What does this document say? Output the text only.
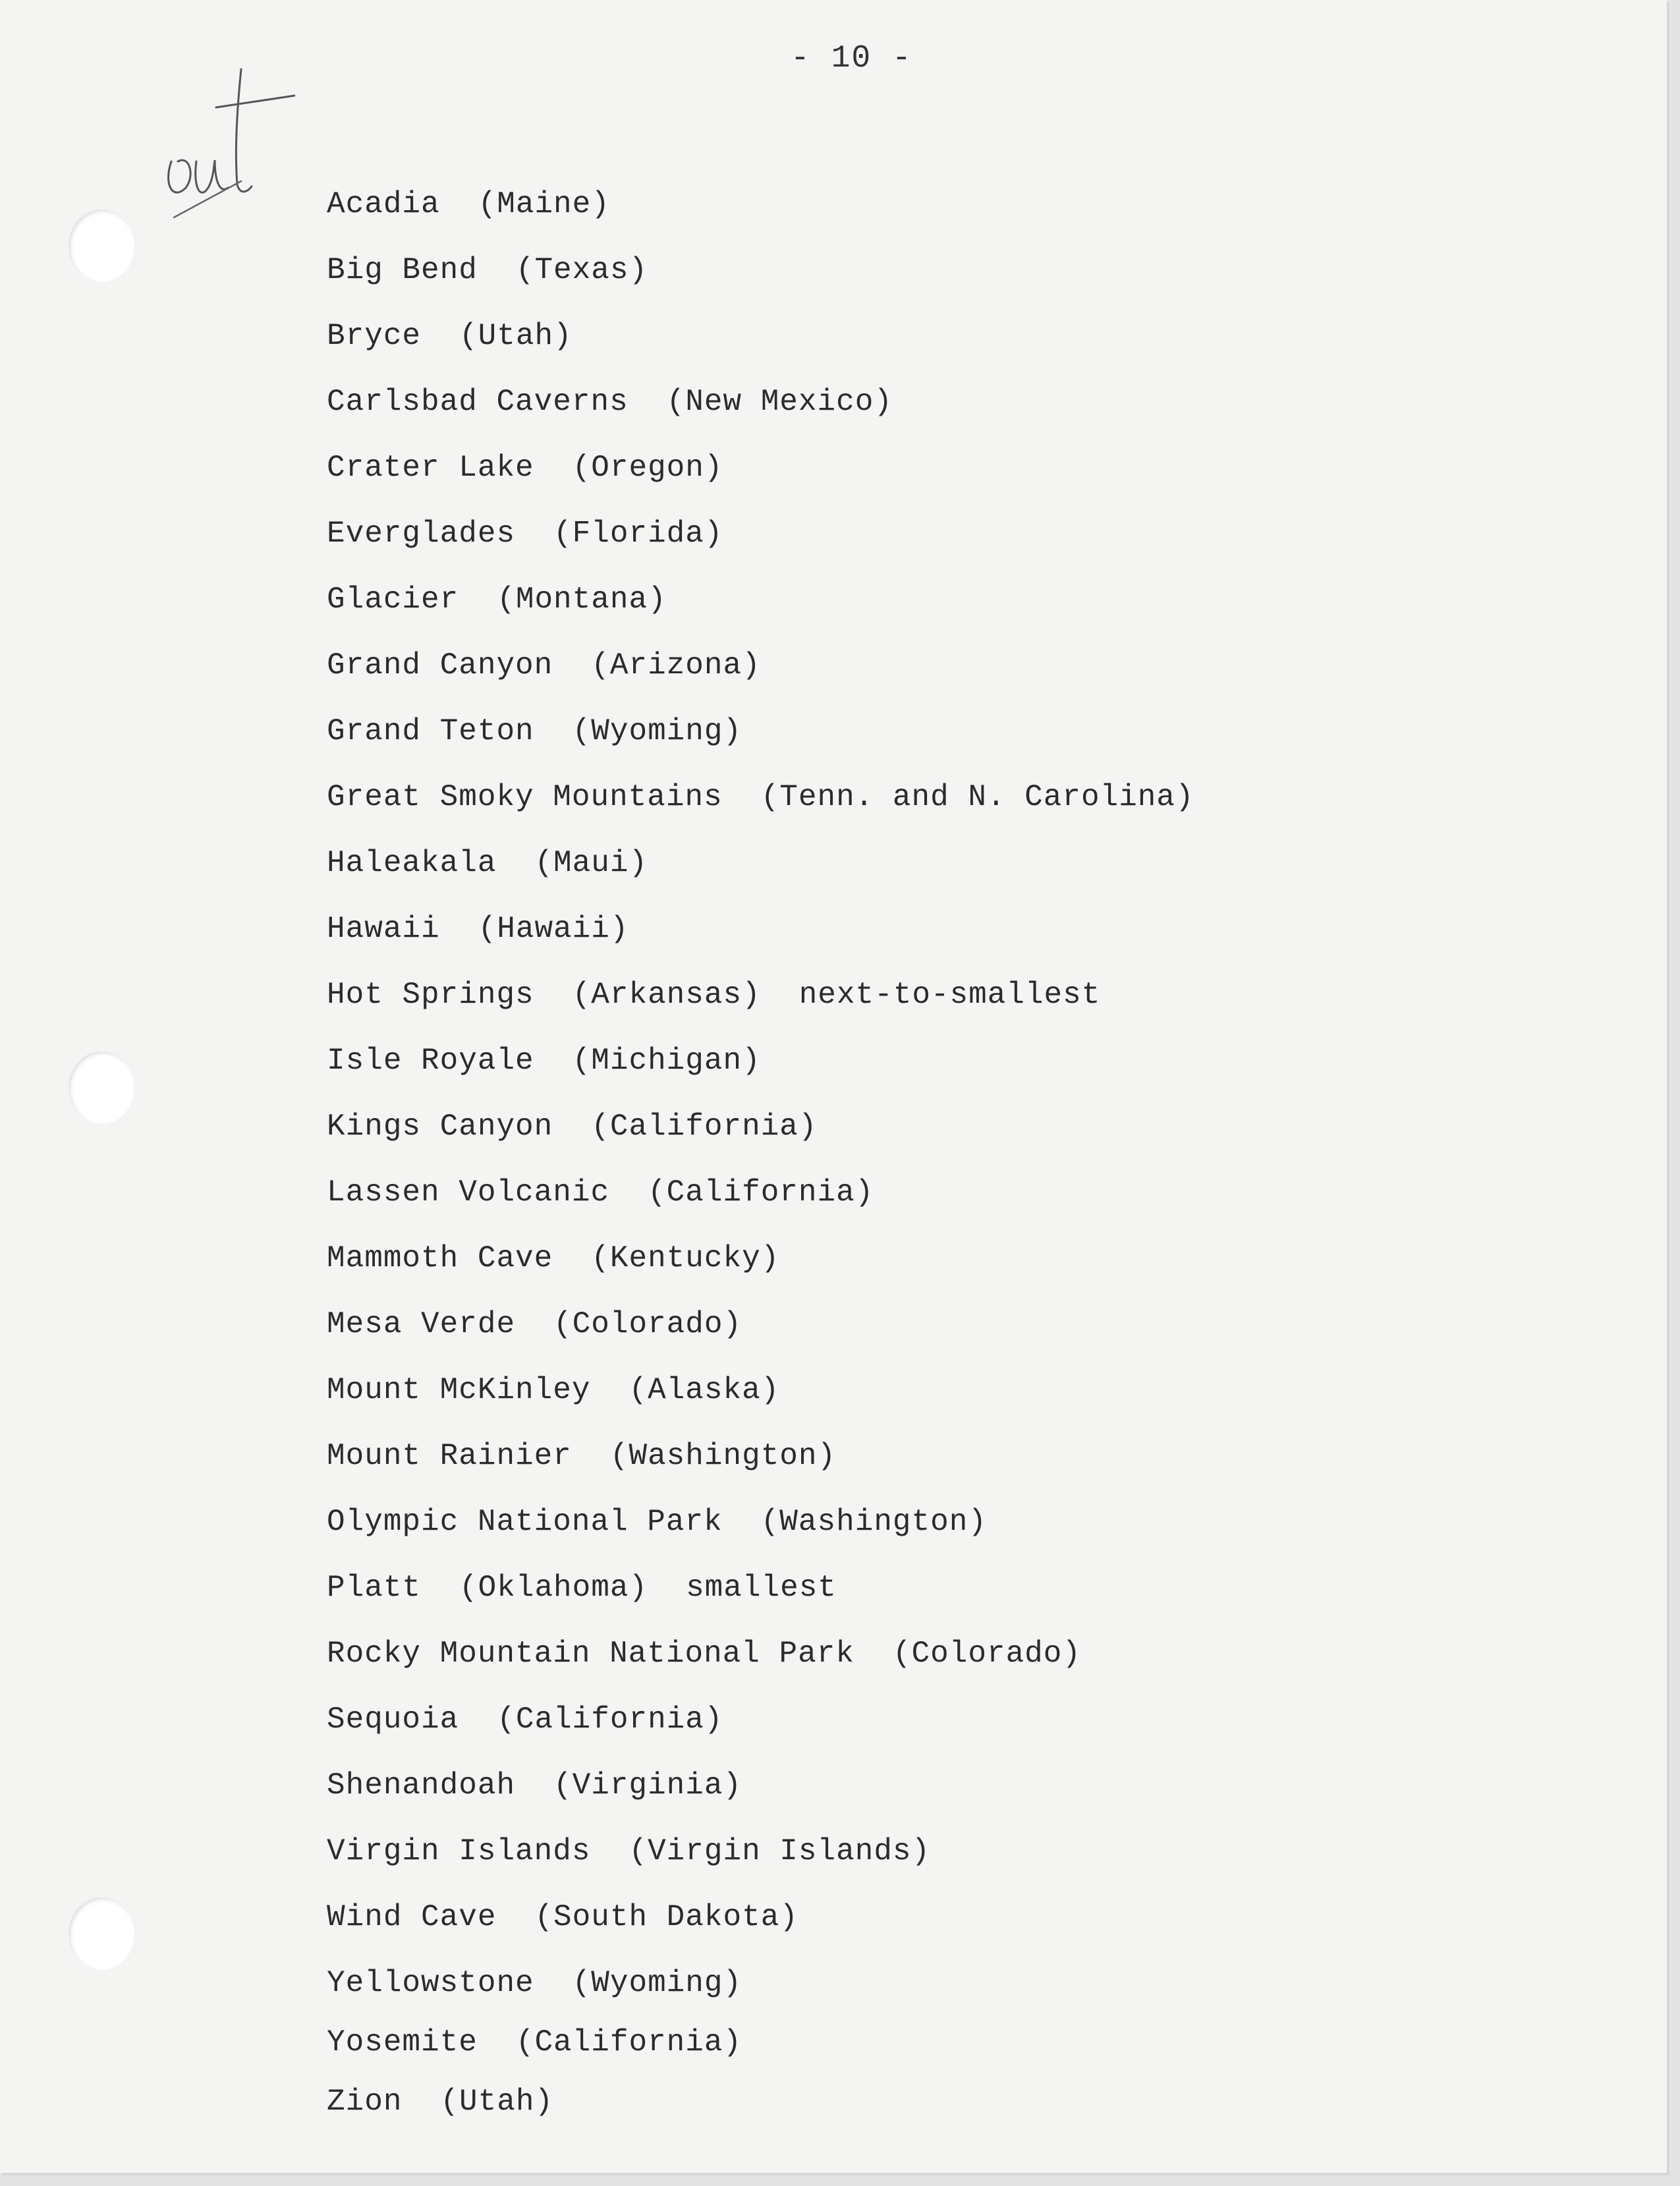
- 10 -
Acadia (Maine)
Big Bend (Texas)
Bryce (Utah)
Carlsbad Caverns (New Mexico)
Crater Lake (Oregon)
Everglades (Florida)
Glacier (Montana)
Grand Canyon (Arizona)
Grand Teton (Wyoming)
Great Smoky Mountains (Tenn. and N. Carolina)
Haleakala (Maui)
Hawaii (Hawaii)
Hot Springs (Arkansas) next-to-smallest
Isle Royale (Michigan)
Kings Canyon (California)
Lassen Volcanic (California)
Mammoth Cave (Kentucky)
Mesa Verde (Colorado)
Mount McKinley (Alaska)
Mount Rainier (Washington)
Olympic National Park (Washington)
Platt (Oklahoma) smallest
Rocky Mountain National Park (Colorado)
Sequoia (California)
Shenandoah (Virginia)
Virgin Islands (Virgin Islands)
Wind Cave (South Dakota)
Yellowstone (Wyoming)
Yosemite (California)
Zion (Utah)
